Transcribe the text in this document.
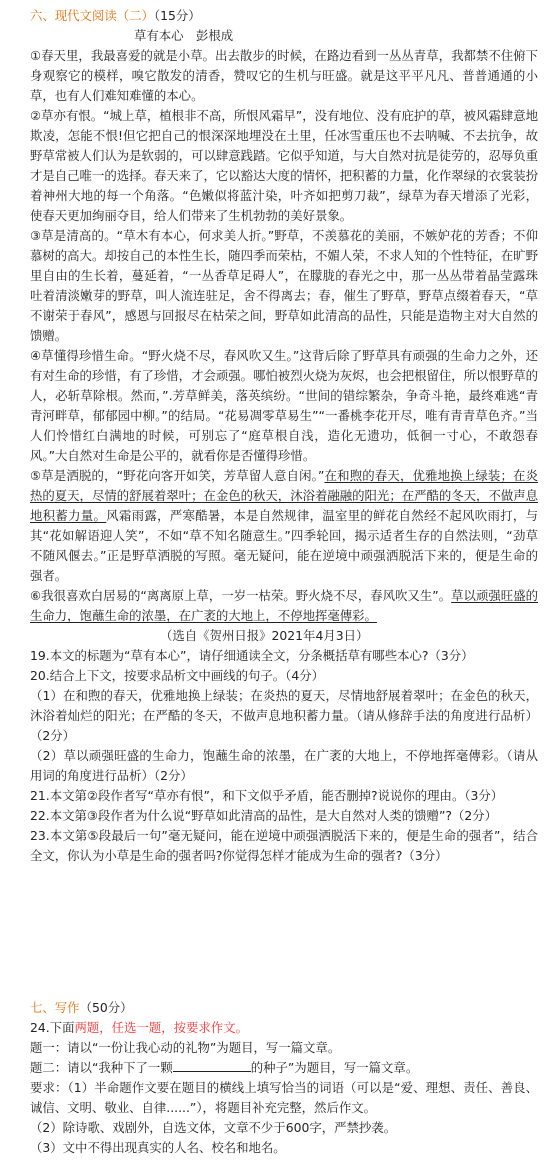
六、现代文阅读（二）（15分）
草有本心　彭根成

①春天里，我最喜爱的就是小草。出去散步的时候，在路边看到一丛丛青草，我都禁不住俯下身观察它的模样，嗅它散发的清香，赞叹它的生机与旺盛。就是这平平凡凡、普普通通的小草，也有人们难知难懂的本心。

②草亦有恨。“城上草，植根非不高，所恨风霜早”，没有地位、没有庇护的草，被风霜肆意地欺凌，怎能不恨!但它把自己的恨深深地埋没在土里，任冰雪重压也不去呐喊、不去抗争，故野草常被人们认为是软弱的，可以肆意践踏。它似乎知道，与大自然对抗是徒劳的，忍辱负重才是自己唯一的选择。春天来了，它以豁达大度的情怀，把积蓄的力量，化作翠绿的衣裳装扮着神州大地的每一个角落。“色嫩似将蓝汁染，叶齐如把剪刀裁”，绿草为春天增添了光彩，使春天更加绚丽夺目，给人们带来了生机勃勃的美好景象。

③草是清高的。“草木有本心，何求美人折。”野草，不羡慕花的美丽，不嫉妒花的芳香；不仰慕树的高大。却按自己的本性生长，随四季而荣枯，不媚人荣，不求人知的个性特征，在旷野里自由的生长着，蔓延着，“一丛香草足碍人”，在朦胧的春光之中，那一丛丛带着晶莹露珠吐着清淡嫩芽的野草，叫人流连驻足，舍不得离去；春，催生了野草，野草点缀着春天，“草不谢荣于春风”，感恩与回报尽在枯荣之间，野草如此清高的品性，只能是造物主对大自然的馈赠。

④草懂得珍惜生命。“野火烧不尽，春风吹又生。”这背后除了野草具有顽强的生命力之外，还有对生命的珍惜，有了珍惜，才会顽强。哪怕被烈火烧为灰烬，也会把根留住，所以恨野草的人，必斩草除根。然而，”.芳草鲜美，落英缤纷。“世间的错综繁杂，争奇斗艳，最终难逃“青青河畔草，郁郁园中柳。”的结局。“花易凋零草易生”“一番桃李花开尽，唯有青青草色齐。”当人们怜惜红白满地的时候，可别忘了“庭草根自浅，造化无遗功，低徊一寸心，不敢怨春风。”大自然对生命是公平的，就看你是否懂得珍惜。

⑤草是洒脱的，“野花向客开如笑，芳草留人意自闲。”在和煦的春天，优雅地换上绿装；在炎热的夏天，尽情的舒展着翠叶；在金色的秋天，沐浴着融融的阳光；在严酷的冬天，不做声息地积蓄力量。风霜雨露，严寒酷暑，本是自然规律，温室里的鲜花自然经不起风吹雨打，与其“花如解语迎人笑”，不如“草不知名随意生。”四季轮回，揭示适者生存的自然法则，“劲草不随风偃去。”正是野草洒脱的写照。毫无疑问，能在逆境中顽强洒脱活下来的，便是生命的强者。

⑥我很喜欢白居易的“离离原上草，一岁一枯荣。野火烧不尽，春风吹又生”。草以顽强旺盛的生命力，饱蘸生命的浓墨，在广袤的大地上，不停地挥毫傳彩。

（选自《贺州日报》2021年4月3日）

19.本文的标题为“草有本心”，请仔细通读全文，分条概括草有哪些本心?（3分）

20.结合上下文，按要求品析文中画线的句子。（4分）

（1）在和煦的春天，优雅地换上绿装；在炎热的夏天，尽情地舒展着翠叶；在金色的秋天，沐浴着灿烂的阳光；在严酷的冬天，不做声息地积蓄力量。（请从修辞手法的角度进行品析）（2分）

（2）草以顽强旺盛的生命力，饱蘸生命的浓墨，在广袤的大地上，不停地挥毫傳彩。（请从用词的角度进行品析）（2分）

21.本文第②段作者写“草亦有恨”，和下文似乎矛盾，能否删掉?说说你的理由。（3分）

22.本文第③段作者为什么说“野草如此清高的品性，是大自然对人类的馈赠”?（2分）

23.本文第⑤段最后一句”毫无疑问，能在逆境中顽强洒脱活下来的，便是生命的强者”，结合全文，你认为小草是生命的强者吗?你觉得怎样才能成为生命的强者?（3分）

七、写作（50分）

24.下面两题，任选一题，按要求作文。

题一：请以“一份让我心动的礼物”为题目，写一篇文章。

题二：请以“我种下了一颗	的种子”为题目，写一篇文章。

要求：（1）半命题作文要在题目的横线上填写恰当的词语（可以是“爱、理想、责任、善良、诚信、文明、敬业、自律......”），将题目补充完整，然后作文。

（2）除诗歌、戏剧外，自选文体，文章不少于600字，严禁抄袭。

（3）文中不得出现真实的人名、校名和地名。
